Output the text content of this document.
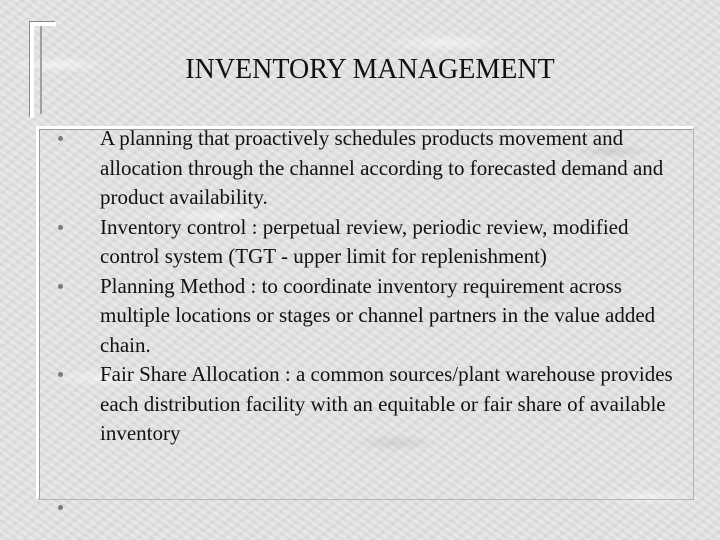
INVENTORY MANAGEMENT
A planning that proactively schedules products movement and allocation through the channel according to forecasted demand and product availability.
Inventory control : perpetual review, periodic review, modified control system (TGT - upper limit for replenishment)
Planning Method : to coordinate inventory requirement across multiple locations or stages or channel partners in the value added chain.
Fair Share Allocation : a common sources/plant warehouse provides each distribution facility with an equitable or fair share of available inventory
